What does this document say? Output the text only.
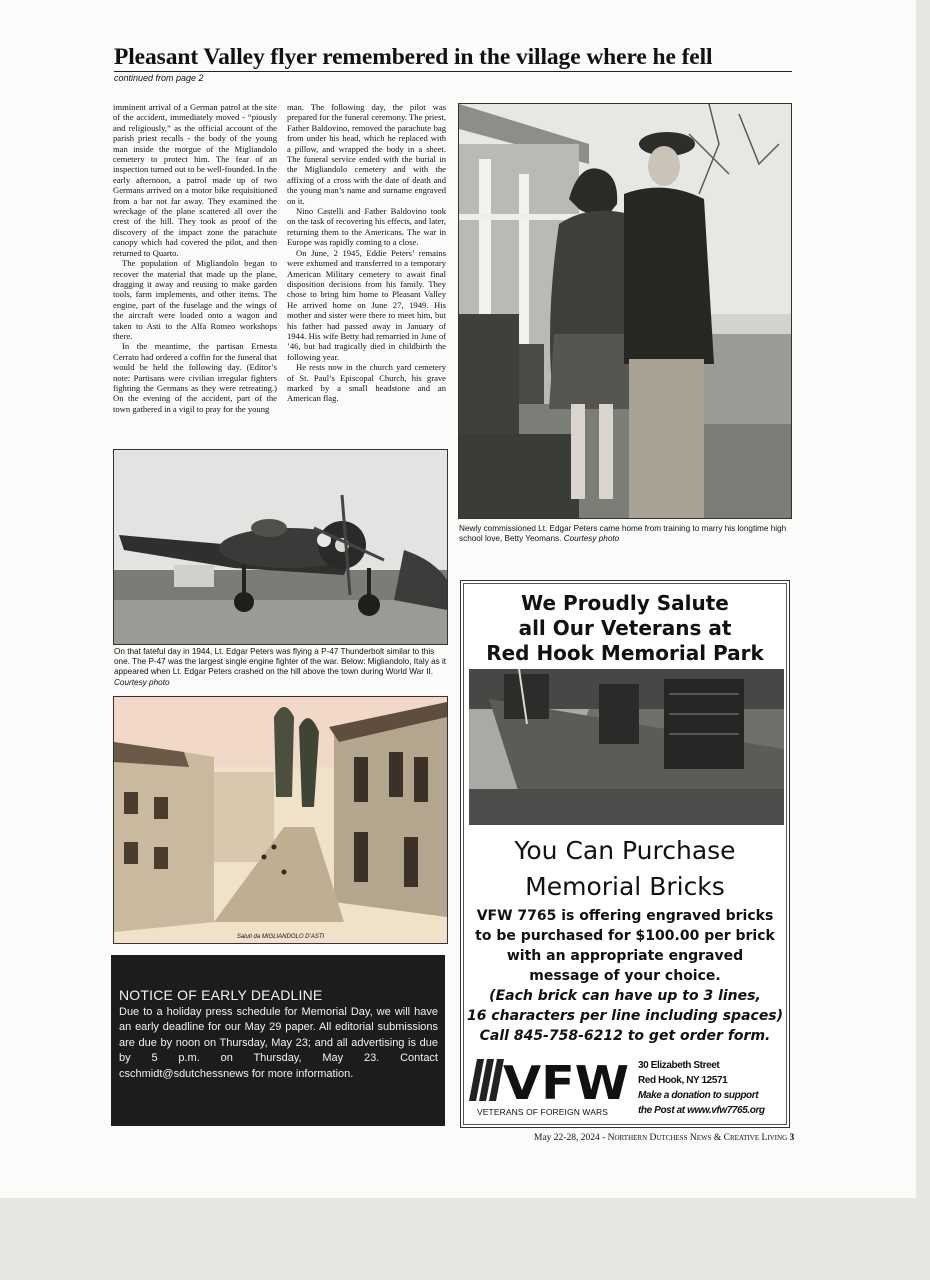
Pleasant Valley flyer remembered in the village where he fell
continued from page 2

imminent arrival of a German patrol at the site of the accident, immediately moved - “piously and religiously,” as the official account of the parish priest recalls - the body of the young man inside the morgue of the Migliandolo cemetery to protect him. The fear of an inspection turned out to be well-founded. In the early afternoon, a patrol made up of two Germans arrived on a motor bike requisitioned from a bar not far away. They examined the wreckage of the plane scattered all over the crest of the hill. They took as proof of the discovery of the impact zone the parachute canopy which had covered the pilot, and then returned to Quarto.

The population of Migliandolo began to recover the material that made up the plane, dragging it away and reusing to make garden tools, farm implements, and other items. The engine, part of the fuselage and the wings of the aircraft were loaded onto a wagon and taken to Asti to the Alfa Romeo workshops there.

In the meantime, the partisan Ernesta Cerrato had ordered a coffin for the funeral that would be held the following day. (Editor’s note: Partisans were civilian irregular fighters fighting the Germans as they were retreating.) On the evening of the accident, part of the town gathered in a vigil to pray for the young

man. The following day, the pilot was prepared for the funeral ceremony. The priest, Father Baldovino, removed the parachute bag from under his head, which he replaced with a pillow, and wrapped the body in a sheet. The funeral service ended with the burial in the Migliandolo cemetery and with the affixing of a cross with the date of death and the young man’s name and surname engraved on it.

Nino Castelli and Father Baldovino took on the task of recovering his effects, and later, returning them to the Americans. The war in Europe was rapidly coming to a close.

On June, 2 1945, Eddie Peters’ remains were exhumed and transferred to a temporary American Military cemetery to await final disposition decisions from his family. They chose to bring him home to Pleasant Valley He arrived home on June 27, 1949. His mother and sister were there to meet him, but his father had passed away in January of 1944. His wife Betty had remarried in June of ’46, but had tragically died in childbirth the following year.

He rests now in the church yard cemetery of St. Paul’s Episcopal Church, his grave marked by a small headstone and an American flag.

Newly commissioned Lt. Edgar Peters came home from training to marry his longtime high school love, Betty Yeomans. Courtesy photo
On that fateful day in 1944, Lt. Edgar Peters was flying a P-47 Thunderbolt similar to this one. The P-47 was the largest single engine fighter of the war. Below: Migliandolo, Italy as it appeared when Lt. Edgar Peters crashed on the hill above the town during World War II. Courtesy photo
Saluti da MIGLIANDOLO D’ASTI
NOTICE OF EARLY DEADLINE
Due to a holiday press schedule for Memorial Day, we will have an early deadline for our May 29 paper. All editorial submissions are due by noon on Thursday, May 23; and all advertising is due by 5 p.m. on Thursday, May 23. Contact cschmidt@sdutchessnews for more information.
We Proudly Salute
all Our Veterans at
Red Hook Memorial Park
You Can Purchase
Memorial Bricks
VFW 7765 is offering engraved bricks
to be purchased for $100.00 per brick
with an appropriate engraved
message of your choice.
(Each brick can have up to 3 lines,
16 characters per line including spaces)
Call 845-758-6212 to get order form.
VFW
VETERANS OF FOREIGN WARS
30 Elizabeth Street
Red Hook, NY 12571
Make a donation to support
the Post at www.vfw7765.org
May 22-28, 2024 - Northern Dutchess News & Creative Living 3
